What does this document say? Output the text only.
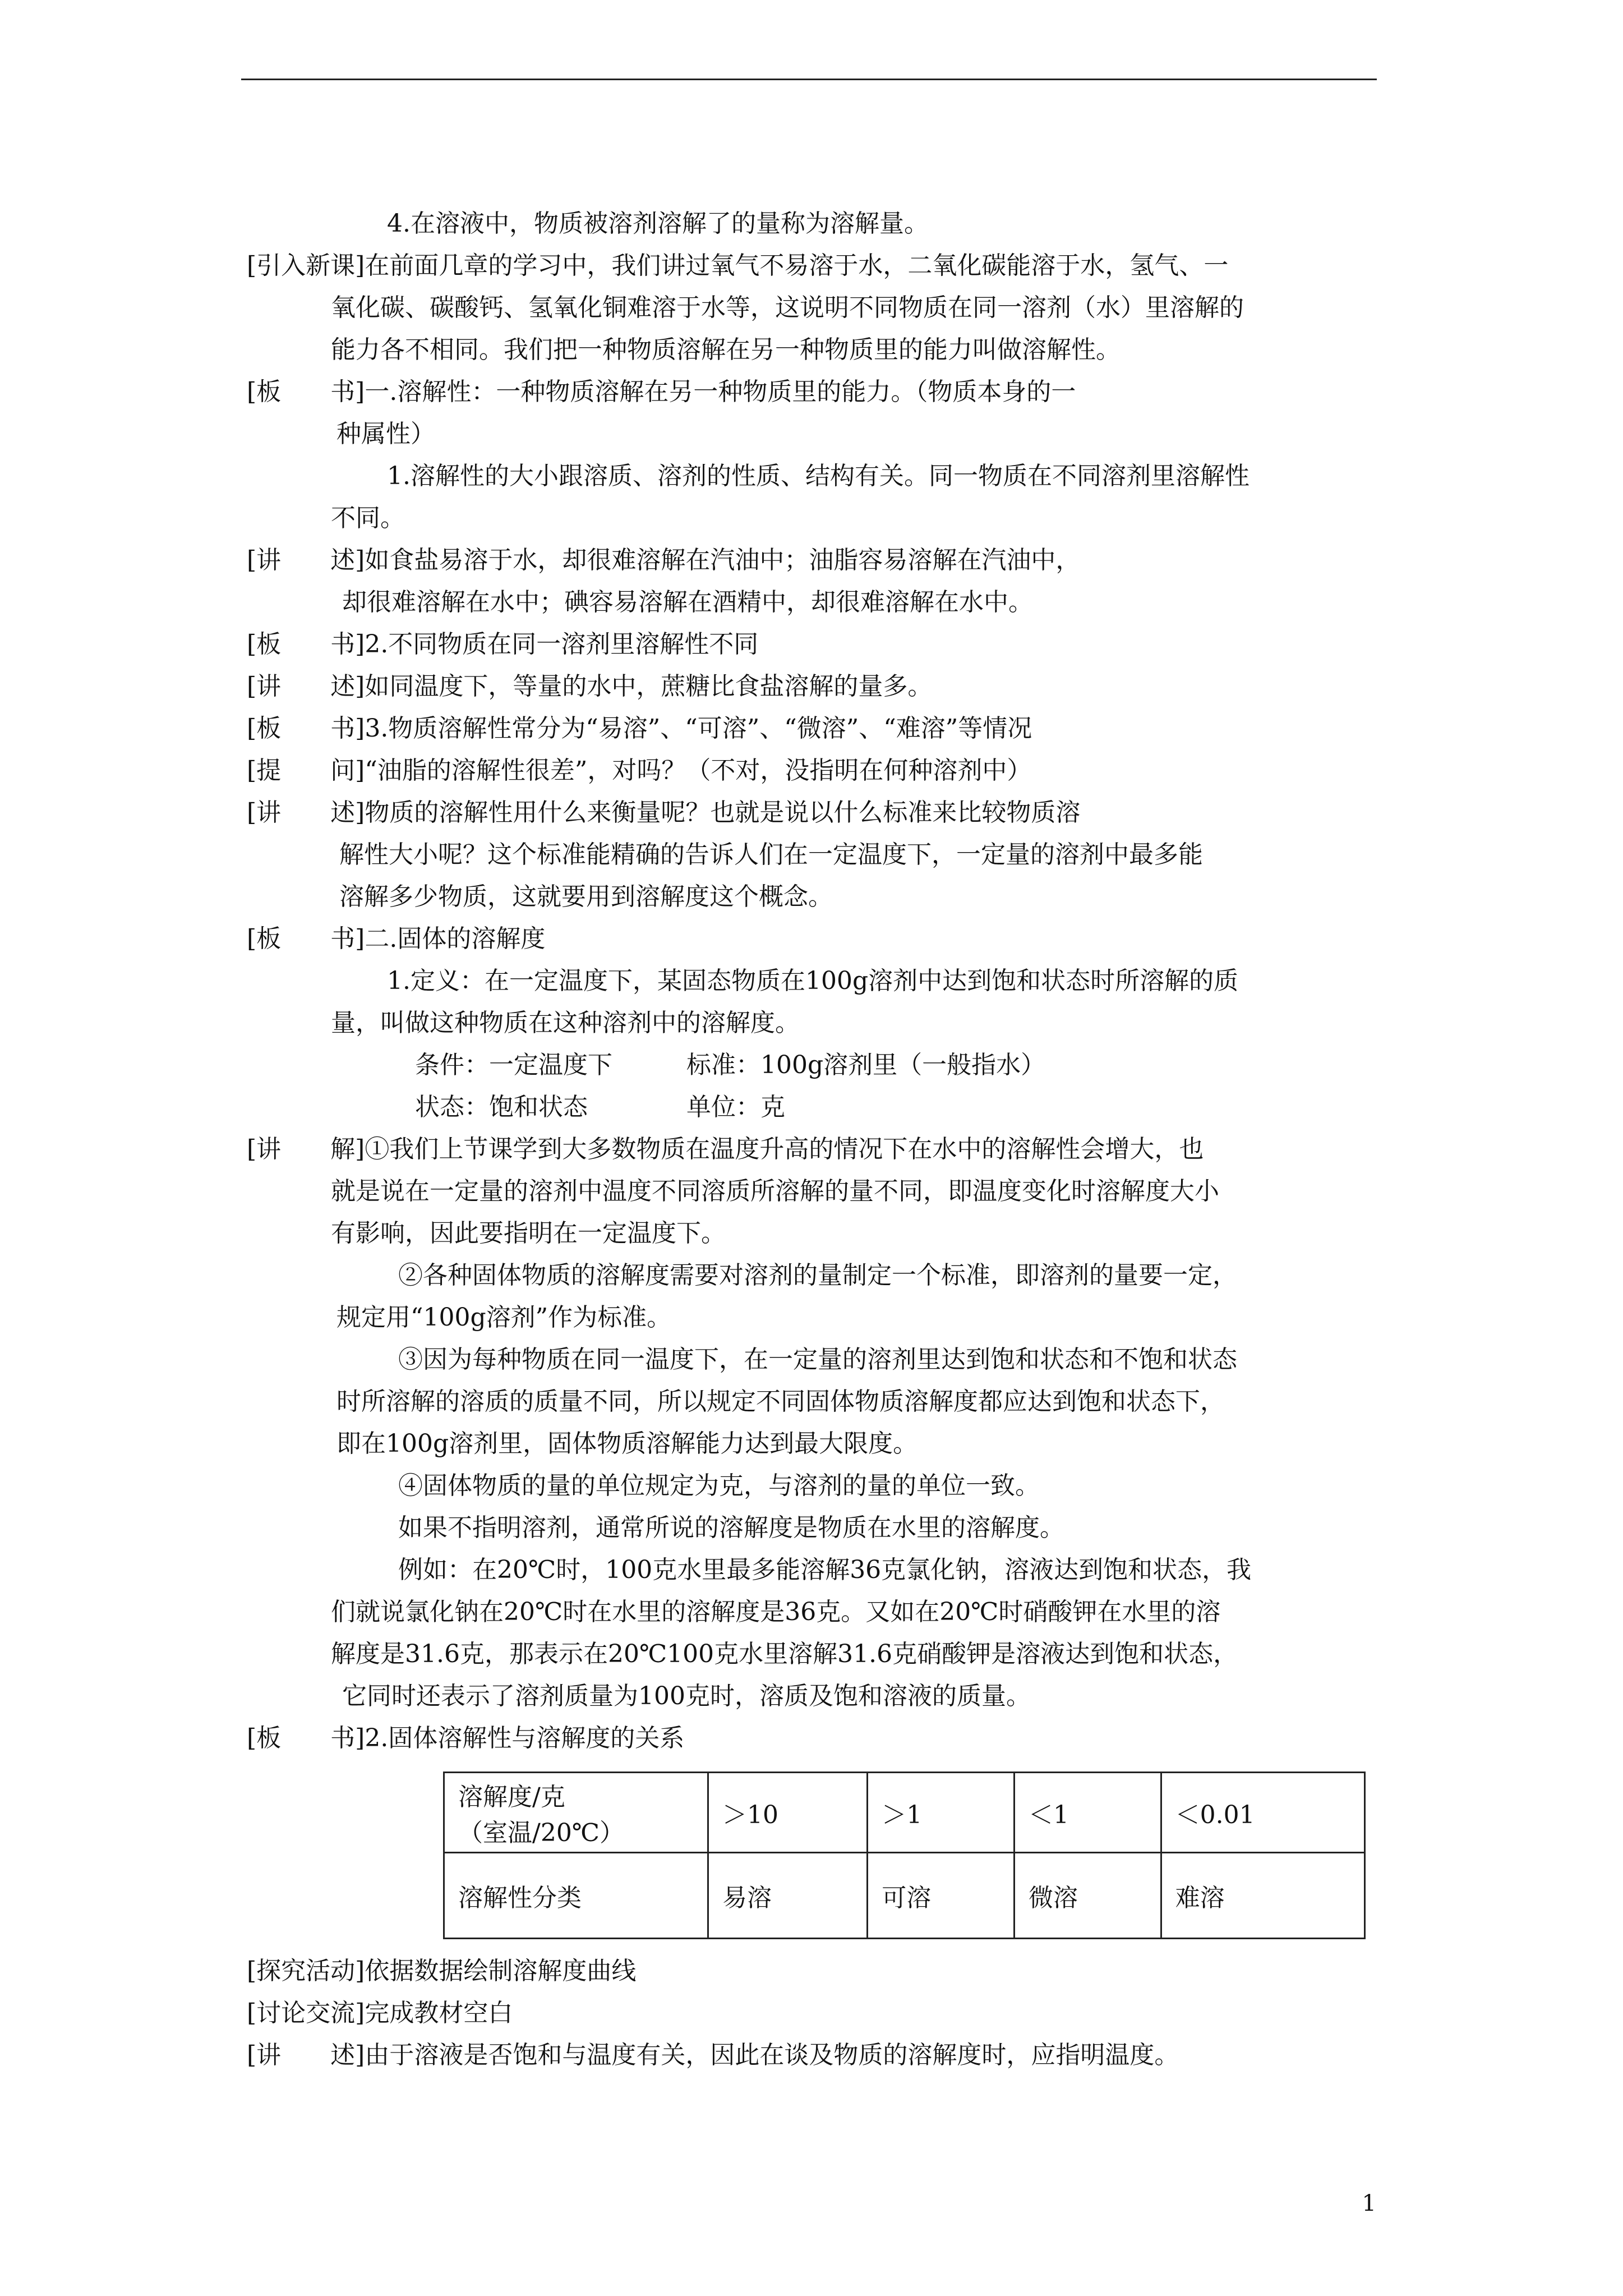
4.在溶液中，物质被溶剂溶解了的量称为溶解量。
[引入新课]在前面几章的学习中，我们讲过氧气不易溶于水，二氧化碳能溶于水，氢气、一
氧化碳、碳酸钙、氢氧化铜难溶于水等，这说明不同物质在同一溶剂（水）里溶解的
能力各不相同。我们把一种物质溶解在另一种物质里的能力叫做溶解性。
[板　　书]一.溶解性：一种物质溶解在另一种物质里的能力。（物质本身的一
种属性）
1.溶解性的大小跟溶质、溶剂的性质、结构有关。同一物质在不同溶剂里溶解性
不同。
[讲　　述]如食盐易溶于水，却很难溶解在汽油中；油脂容易溶解在汽油中，
却很难溶解在水中；碘容易溶解在酒精中，却很难溶解在水中。
[板　　书]2.不同物质在同一溶剂里溶解性不同
[讲　　述]如同温度下，等量的水中，蔗糖比食盐溶解的量多。
[板　　书]3.物质溶解性常分为“易溶”、“可溶”、“微溶”、“难溶”等情况
[提　　问]“油脂的溶解性很差”，对吗？（不对，没指明在何种溶剂中）
[讲　　述]物质的溶解性用什么来衡量呢？也就是说以什么标准来比较物质溶
解性大小呢？这个标准能精确的告诉人们在一定温度下，一定量的溶剂中最多能
溶解多少物质，这就要用到溶解度这个概念。
[板　　书]二.固体的溶解度
1.定义：在一定温度下，某固态物质在100g溶剂中达到饱和状态时所溶解的质
量，叫做这种物质在这种溶剂中的溶解度。
条件：一定温度下　　　标准：100g溶剂里（一般指水）
状态：饱和状态　　　　单位：克
[讲　　解]①我们上节课学到大多数物质在温度升高的情况下在水中的溶解性会增大，也
就是说在一定量的溶剂中温度不同溶质所溶解的量不同，即温度变化时溶解度大小
有影响，因此要指明在一定温度下。
②各种固体物质的溶解度需要对溶剂的量制定一个标准，即溶剂的量要一定，
规定用“100g溶剂”作为标准。
③因为每种物质在同一温度下，在一定量的溶剂里达到饱和状态和不饱和状态
时所溶解的溶质的质量不同，所以规定不同固体物质溶解度都应达到饱和状态下，
即在100g溶剂里，固体物质溶解能力达到最大限度。
④固体物质的量的单位规定为克，与溶剂的量的单位一致。
如果不指明溶剂，通常所说的溶解度是物质在水里的溶解度。
例如：在20℃时，100克水里最多能溶解36克氯化钠，溶液达到饱和状态，我
们就说氯化钠在20℃时在水里的溶解度是36克。又如在20℃时硝酸钾在水里的溶
解度是31.6克，那表示在20℃100克水里溶解31.6克硝酸钾是溶液达到饱和状态，
它同时还表示了溶剂质量为100克时，溶质及饱和溶液的质量。
[板　　书]2.固体溶解性与溶解度的关系
溶解度/克
（室温/20℃）	＞10	＞1	＜1	＜0.01
溶解性分类	易溶	可溶	微溶	难溶
[探究活动]依据数据绘制溶解度曲线
[讨论交流]完成教材空白
[讲　　述]由于溶液是否饱和与温度有关，因此在谈及物质的溶解度时，应指明温度。
1
